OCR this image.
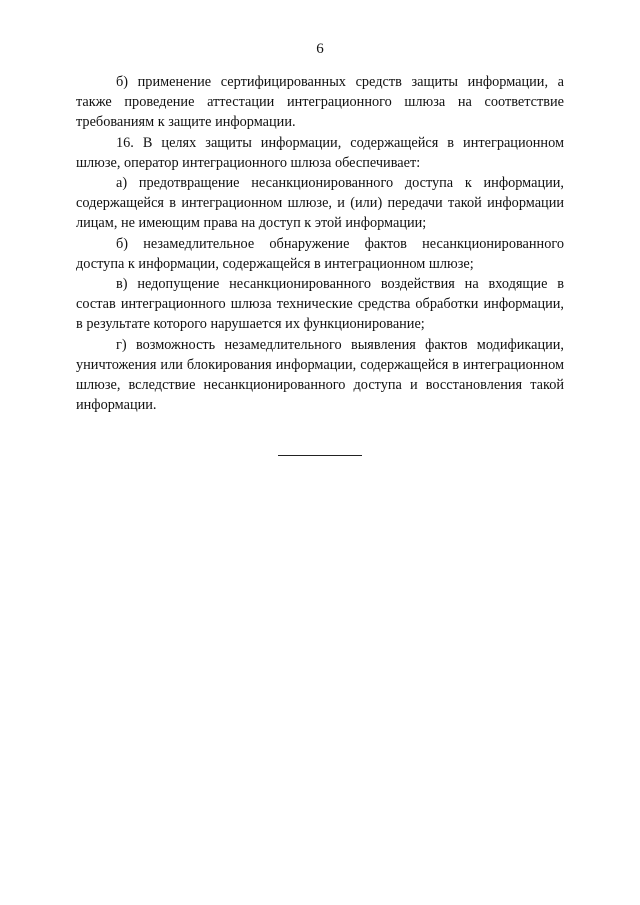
6

б) применение сертифицированных средств защиты информации, а также проведение аттестации интеграционного шлюза на соответствие требованиям к защите информации.

16. В целях защиты информации, содержащейся в интеграционном шлюзе, оператор интеграционного шлюза обеспечивает:

а) предотвращение несанкционированного доступа к информации, содержащейся в интеграционном шлюзе, и (или) передачи такой информации лицам, не имеющим права на доступ к этой информации;

б) незамедлительное обнаружение фактов несанкционированного доступа к информации, содержащейся в интеграционном шлюзе;

в) недопущение несанкционированного воздействия на входящие в состав интеграционного шлюза технические средства обработки информации, в результате которого нарушается их функционирование;

г) возможность незамедлительного выявления фактов модификации, уничтожения или блокирования информации, содержащейся в интеграционном шлюзе, вследствие несанкционированного доступа и восстановления такой информации.
